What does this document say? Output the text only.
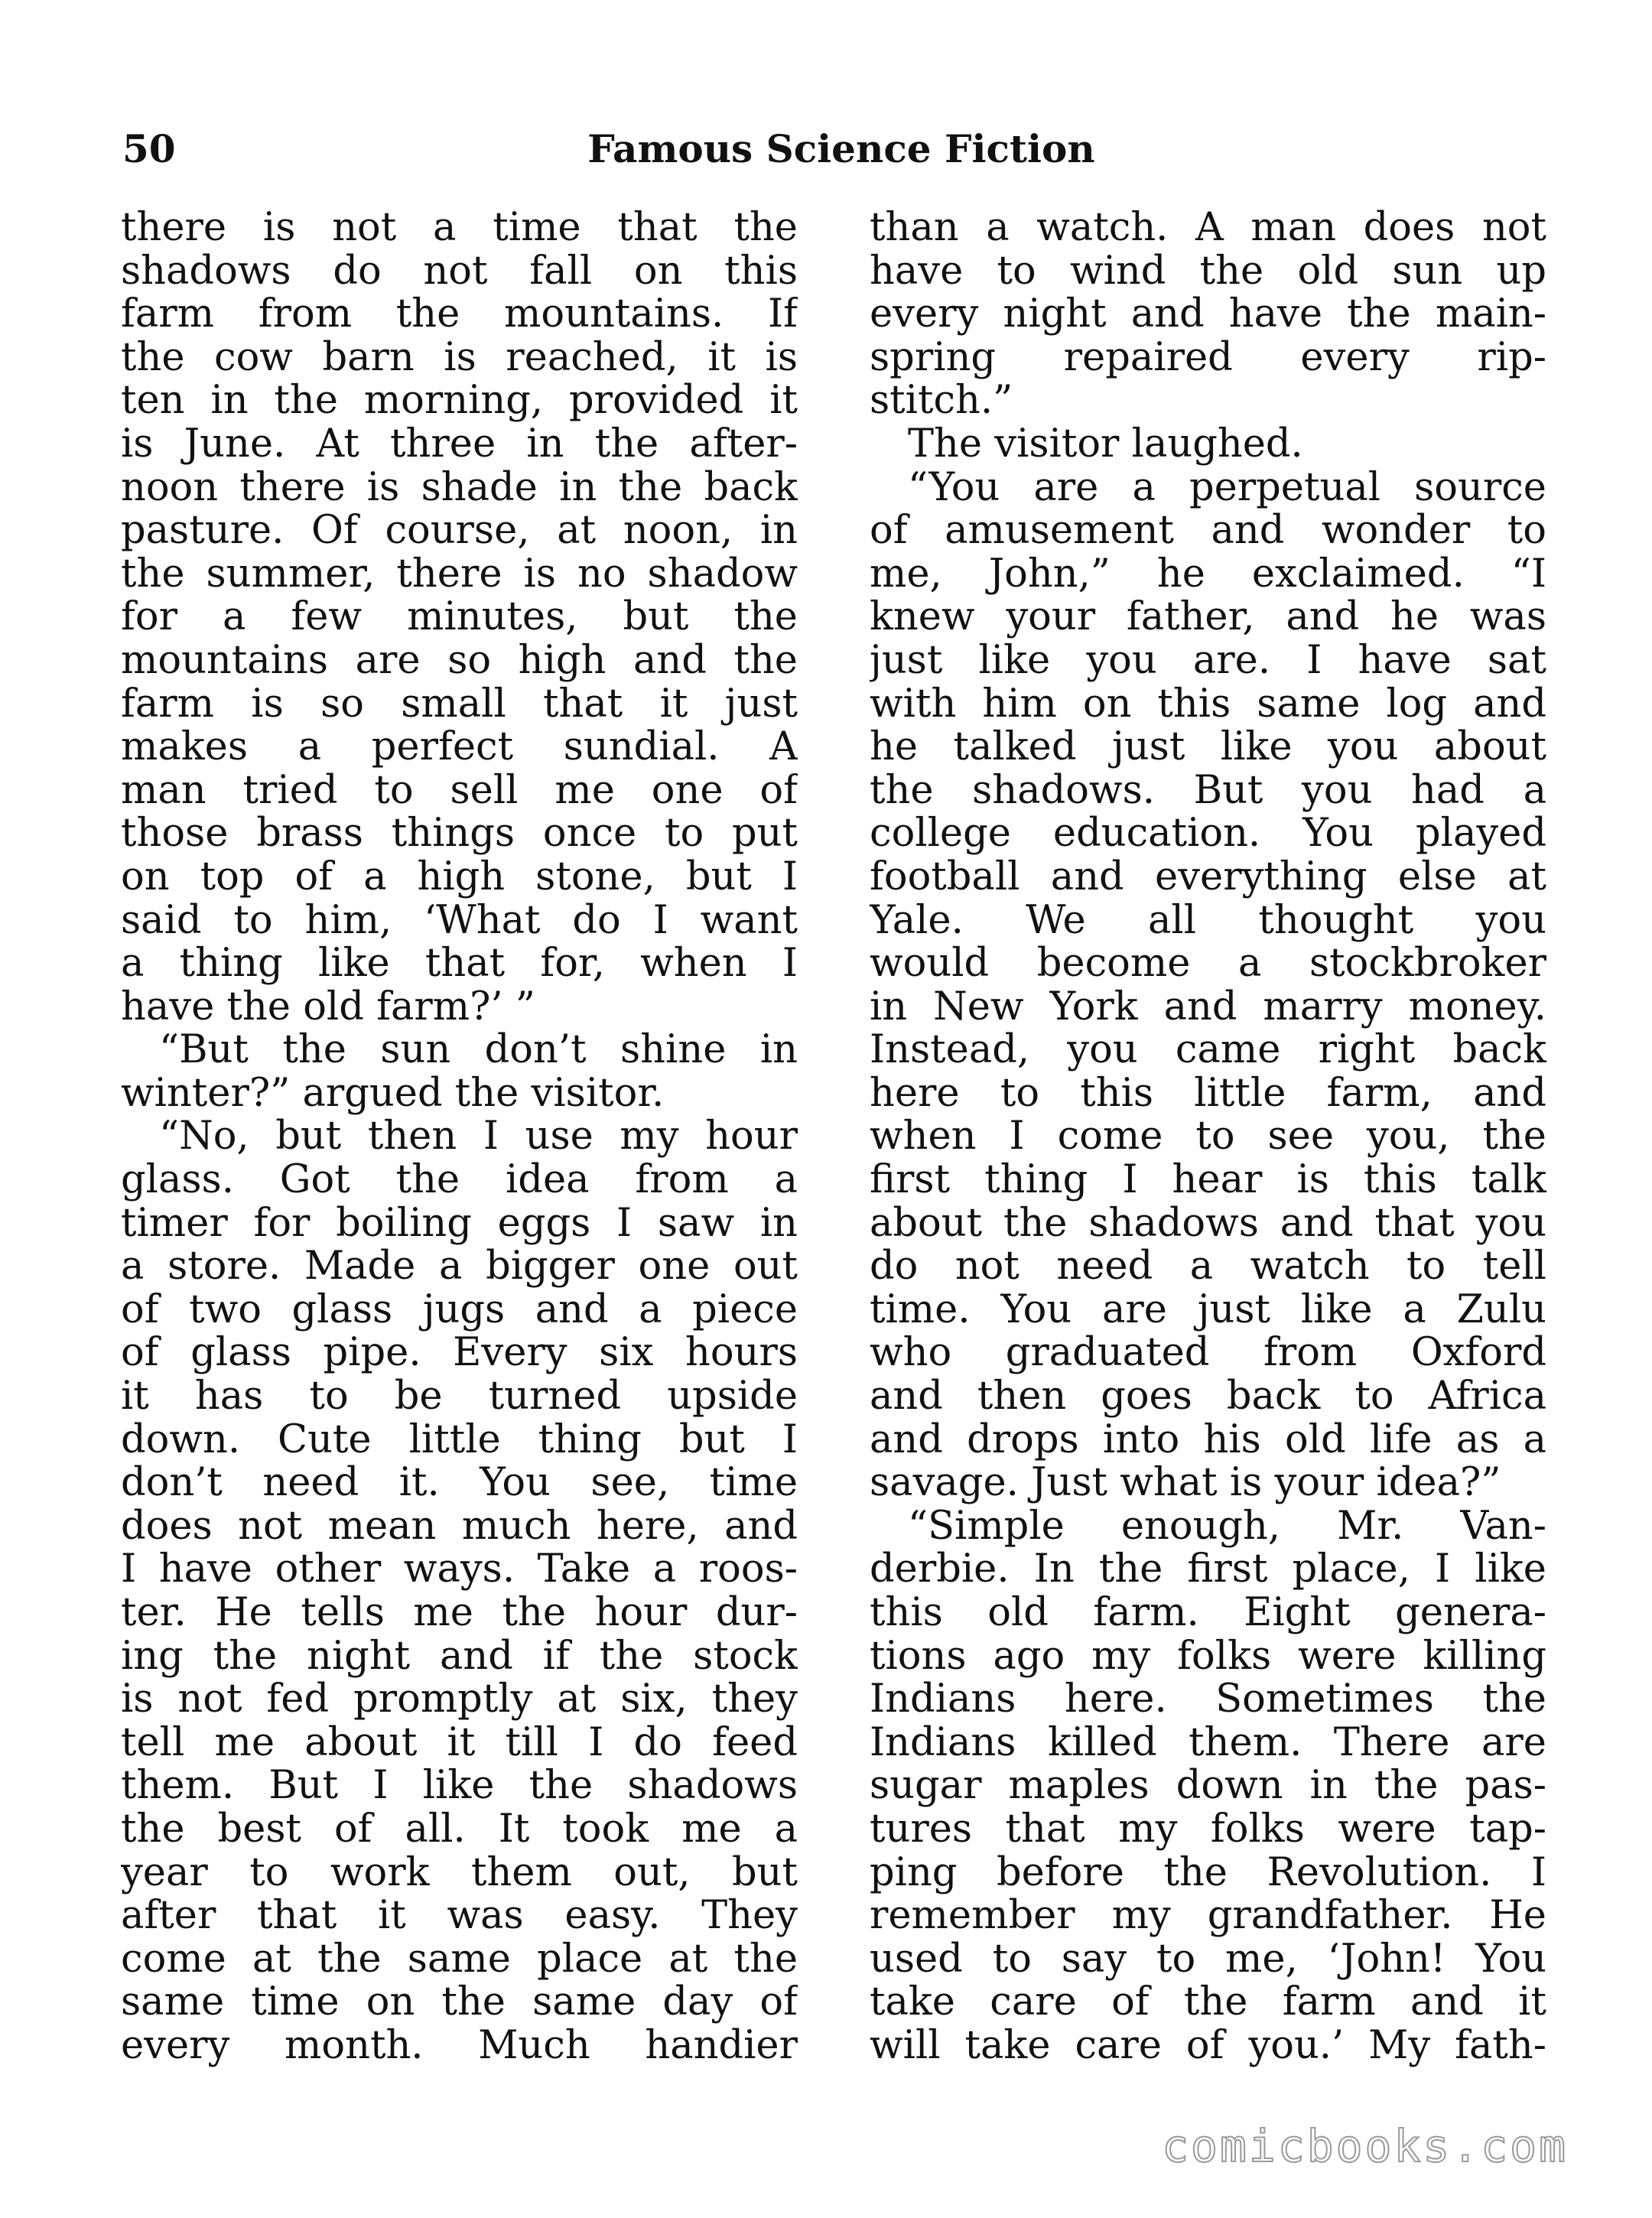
50	Famous Science Fiction

there is not a time that the
shadows do not fall on this
farm from the mountains. If
the cow barn is reached, it is
ten in the morning, provided it
is June. At three in the after-
noon there is shade in the back
pasture. Of course, at noon, in
the summer, there is no shadow
for a few minutes, but the
mountains are so high and the
farm is so small that it just
makes a perfect sundial. A
man tried to sell me one of
those brass things once to put
on top of a high stone, but I
said to him, ‘What do I want
a thing like that for, when I
have the old farm?’ ”
“But the sun don’t shine in
winter?” argued the visitor.
“No, but then I use my hour
glass. Got the idea from a
timer for boiling eggs I saw in
a store. Made a bigger one out
of two glass jugs and a piece
of glass pipe. Every six hours
it has to be turned upside
down. Cute little thing but I
don’t need it. You see, time
does not mean much here, and
I have other ways. Take a roos-
ter. He tells me the hour dur-
ing the night and if the stock
is not fed promptly at six, they
tell me about it till I do feed
them. But I like the shadows
the best of all. It took me a
year to work them out, but
after that it was easy. They
come at the same place at the
same time on the same day of
every month. Much handier
than a watch. A man does not
have to wind the old sun up
every night and have the main-
spring repaired every rip-
stitch.”
The visitor laughed.
“You are a perpetual source
of amusement and wonder to
me, John,” he exclaimed. “I
knew your father, and he was
just like you are. I have sat
with him on this same log and
he talked just like you about
the shadows. But you had a
college education. You played
football and everything else at
Yale. We all thought you
would become a stockbroker
in New York and marry money.
Instead, you came right back
here to this little farm, and
when I come to see you, the
first thing I hear is this talk
about the shadows and that you
do not need a watch to tell
time. You are just like a Zulu
who graduated from Oxford
and then goes back to Africa
and drops into his old life as a
savage. Just what is your idea?”
“Simple enough, Mr. Van-
derbie. In the first place, I like
this old farm. Eight genera-
tions ago my folks were killing
Indians here. Sometimes the
Indians killed them. There are
sugar maples down in the pas-
tures that my folks were tap-
ping before the Revolution. I
remember my grandfather. He
used to say to me, ‘John! You
take care of the farm and it
will take care of you.’ My fath-
comicbooks.com
